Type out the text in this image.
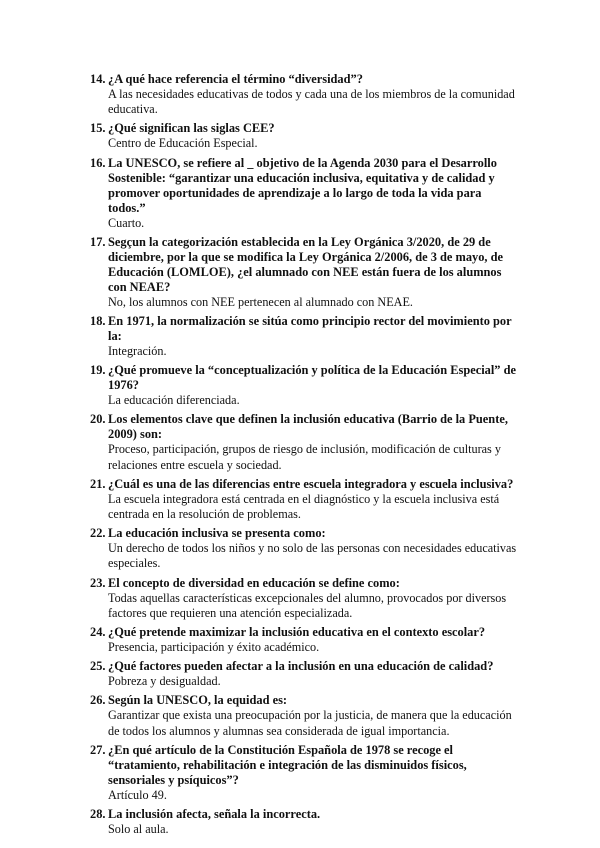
14. ¿A qué hace referencia el término “diversidad”?

A las necesidades educativas de todos y cada una de los miembros de la comunidad educativa.

15. ¿Qué significan las siglas CEE?

Centro de Educación Especial.

16. La UNESCO, se refiere al _ objetivo de la Agenda 2030 para el Desarrollo Sostenible: “garantizar una educación inclusiva, equitativa y de calidad y promover oportunidades de aprendizaje a lo largo de toda la vida para todos.”

Cuarto.

17. Segçun la categorización establecida en la Ley Orgánica 3/2020, de 29 de diciembre, por la que se modifica la Ley Orgánica 2/2006, de 3 de mayo, de Educación (LOMLOE), ¿el alumnado con NEE están fuera de los alumnos con NEAE?

No, los alumnos con NEE pertenecen al alumnado con NEAE.

18. En 1971, la normalización se sitúa como principio rector del movimiento por la:

Integración.

19. ¿Qué promueve la “conceptualización y política de la Educación Especial” de 1976?

La educación diferenciada.

20. Los elementos clave que definen la inclusión educativa (Barrio de la Puente, 2009) son:

Proceso, participación, grupos de riesgo de inclusión, modificación de culturas y relaciones entre escuela y sociedad.

21. ¿Cuál es una de las diferencias entre escuela integradora y escuela inclusiva?

La escuela integradora está centrada en el diagnóstico y la escuela inclusiva está centrada en la resolución de problemas.

22. La educación inclusiva se presenta como:

Un derecho de todos los niños y no solo de las personas con necesidades educativas especiales.

23. El concepto de diversidad en educación se define como:

Todas aquellas características excepcionales del alumno, provocados por diversos factores que requieren una atención especializada.

24. ¿Qué pretende maximizar la inclusión educativa en el contexto escolar?

Presencia, participación y éxito académico.

25. ¿Qué factores pueden afectar a la inclusión en una educación de calidad?

Pobreza y desigualdad.

26. Según la UNESCO, la equidad es:

Garantizar que exista una preocupación por la justicia, de manera que la educación de todos los alumnos y alumnas sea considerada de igual importancia.

27. ¿En qué artículo de la Constitución Española de 1978 se recoge el “tratamiento, rehabilitación e integración de las disminuidos físicos, sensoriales y psíquicos”?

Artículo 49.

28. La inclusión afecta, señala la incorrecta.

Solo al aula.
